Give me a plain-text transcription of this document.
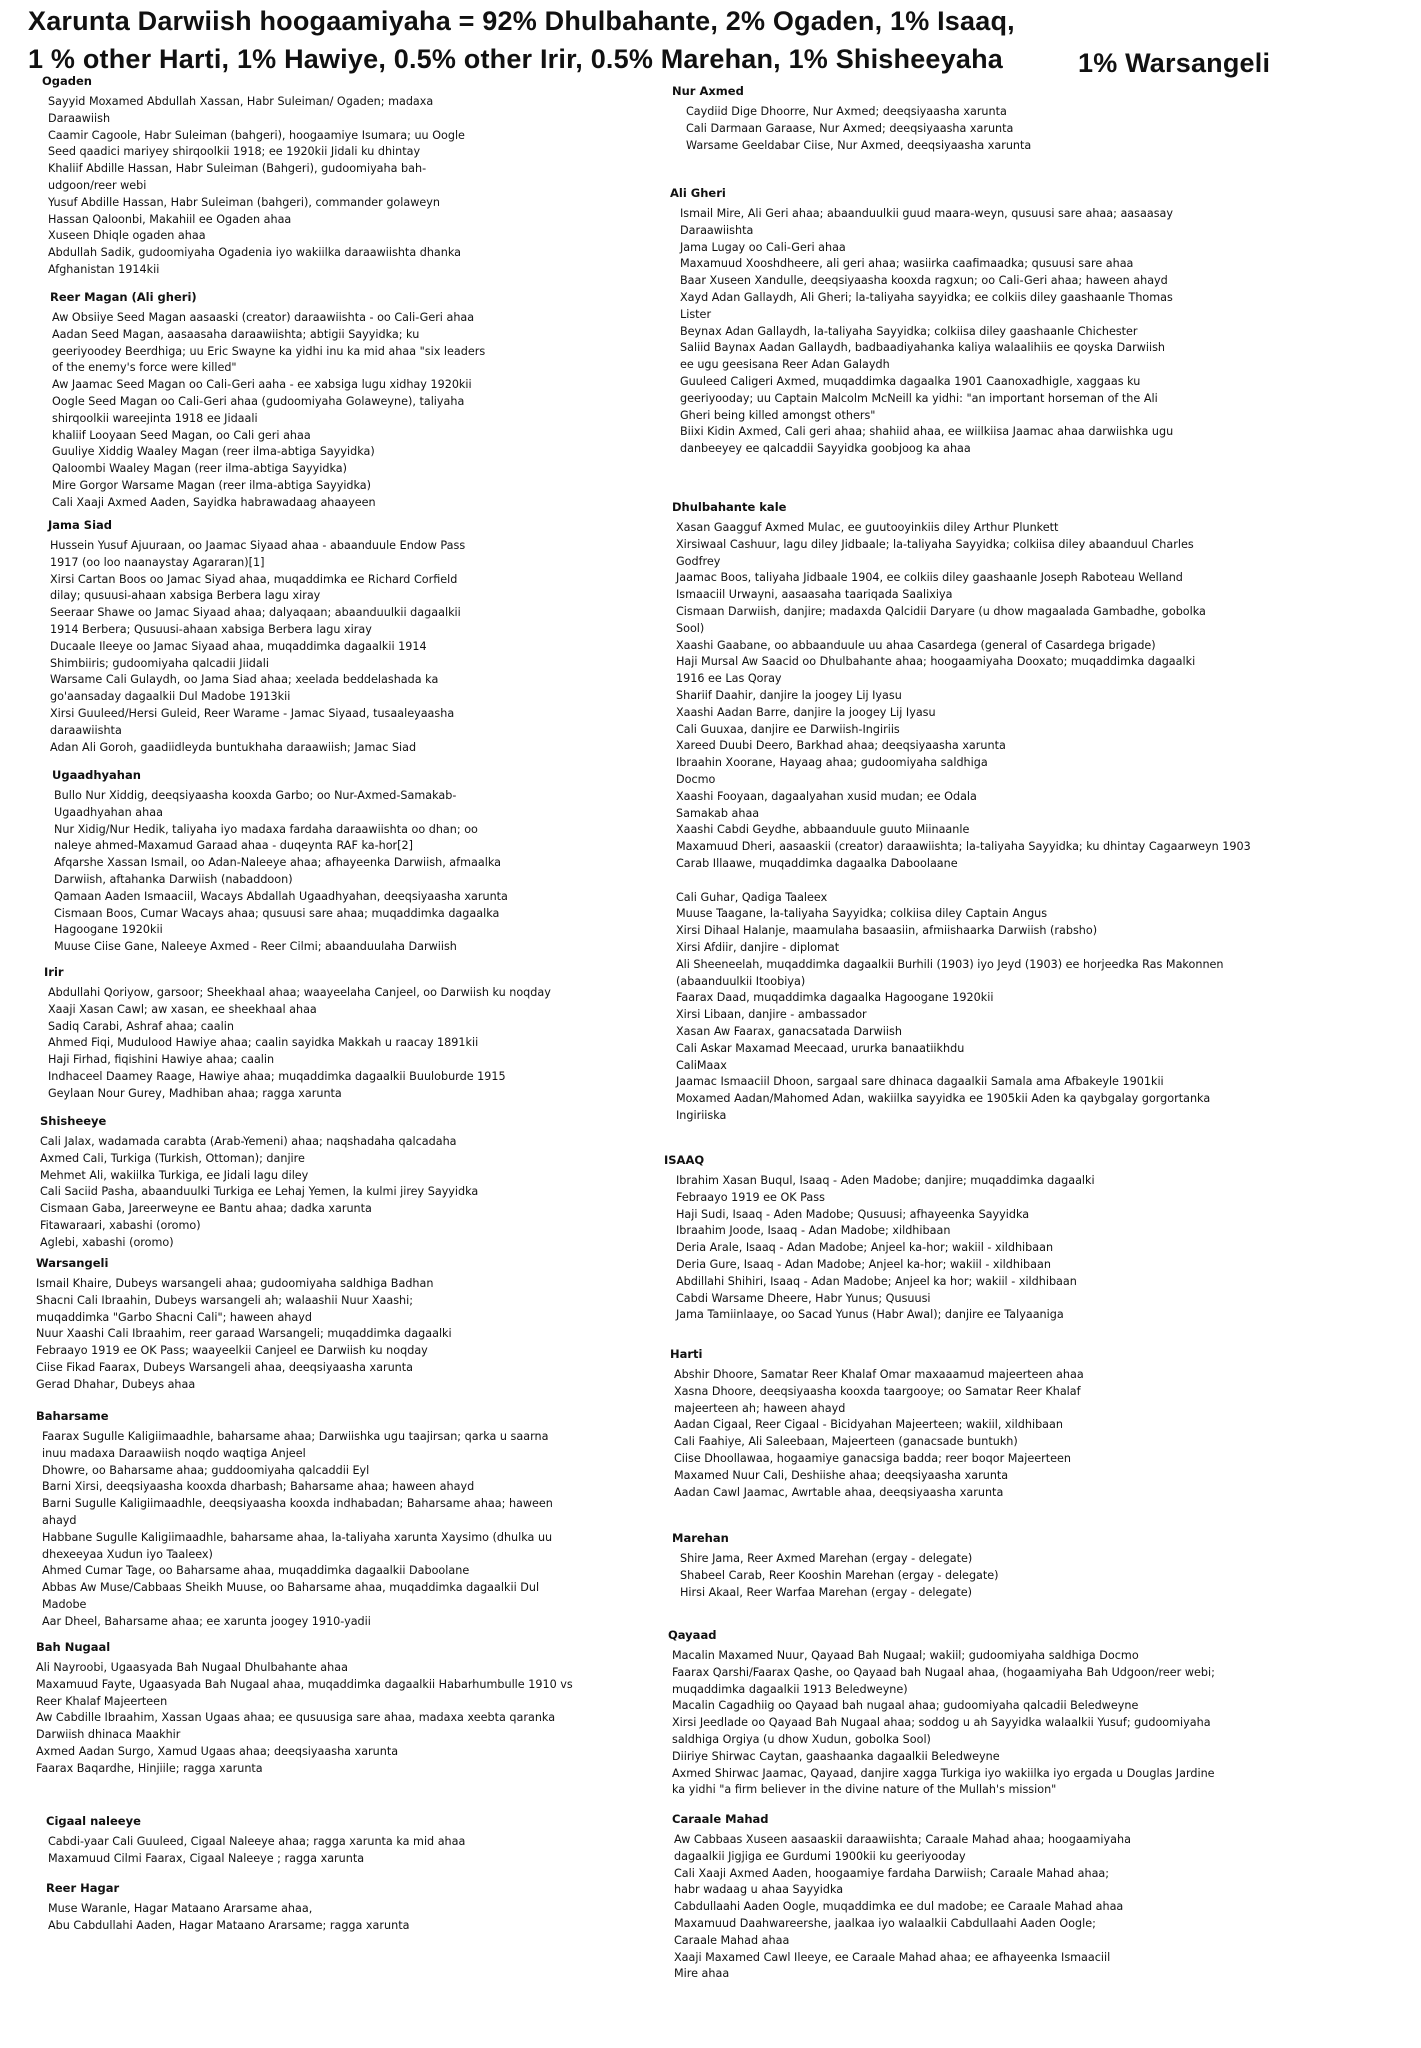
Xarunta Darwiish hoogaamiyaha = 92% Dhulbahante, 2% Ogaden, 1% Isaaq,
1 % other Harti, 1% Hawiye, 0.5% other Irir, 0.5% Marehan, 1% Shisheeyaha	1% Warsangeli
Ogaden
Sayyid Moxamed Abdullah Xassan, Habr Suleiman/ Ogaden; madaxa
Daraawiish
Caamir Cagoole, Habr Suleiman (bahgeri), hoogaamiye Isumara; uu Oogle
Seed qaadici mariyey shirqoolkii 1918; ee 1920kii Jidali ku dhintay
Khaliif Abdille Hassan, Habr Suleiman (Bahgeri), gudoomiyaha bah-
udgoon/reer webi
Yusuf Abdille Hassan, Habr Suleiman (bahgeri), commander golaweyn
Hassan Qaloonbi, Makahiil ee Ogaden ahaa
Xuseen Dhiqle ogaden ahaa
Abdullah Sadik, gudoomiyaha Ogadenia iyo wakiilka daraawiishta dhanka
Afghanistan 1914kii
Reer Magan (Ali gheri)
Aw Obsiiye Seed Magan aasaaski (creator) daraawiishta - oo Cali-Geri ahaa
Aadan Seed Magan, aasaasaha daraawiishta; abtigii Sayyidka; ku
geeriyoodey Beerdhiga; uu Eric Swayne ka yidhi inu ka mid ahaa "six leaders
of the enemy's force were killed"
Aw Jaamac Seed Magan oo Cali-Geri aaha - ee xabsiga lugu xidhay 1920kii
Oogle Seed Magan oo Cali-Geri ahaa (gudoomiyaha Golaweyne), taliyaha
shirqoolkii wareejinta 1918 ee Jidaali
khaliif Looyaan Seed Magan, oo Cali geri ahaa
Guuliye Xiddig Waaley Magan (reer ilma-abtiga Sayyidka)
Qaloombi Waaley Magan (reer ilma-abtiga Sayyidka)
Mire Gorgor Warsame Magan (reer ilma-abtiga Sayyidka)
Cali Xaaji Axmed Aaden, Sayidka habrawadaag ahaayeen
Jama Siad
Hussein Yusuf Ajuuraan, oo Jaamac Siyaad ahaa - abaanduule Endow Pass
1917 (oo loo naanaystay Agararan)[1]
Xirsi Cartan Boos oo Jamac Siyad ahaa, muqaddimka ee Richard Corfield
dilay; qusuusi-ahaan xabsiga Berbera lagu xiray
Seeraar Shawe oo Jamac Siyaad ahaa; dalyaqaan; abaanduulkii dagaalkii
1914 Berbera; Qusuusi-ahaan xabsiga Berbera lagu xiray
Ducaale Ileeye oo Jamac Siyaad ahaa, muqaddimka dagaalkii 1914
Shimbiiris; gudoomiyaha qalcadii Jiidali
Warsame Cali Gulaydh, oo Jama Siad ahaa; xeelada beddelashada ka
go'aansaday dagaalkii Dul Madobe 1913kii
Xirsi Guuleed/Hersi Guleid, Reer Warame - Jamac Siyaad, tusaaleyaasha
daraawiishta
Adan Ali Goroh, gaadiidleyda buntukhaha daraawiish; Jamac Siad
Ugaadhyahan
Bullo Nur Xiddig, deeqsiyaasha kooxda Garbo; oo Nur-Axmed-Samakab-
Ugaadhyahan ahaa
Nur Xidig/Nur Hedik, taliyaha iyo madaxa fardaha daraawiishta oo dhan; oo
naleye ahmed-Maxamud Garaad ahaa - duqeynta RAF ka-hor[2]
Afqarshe Xassan Ismail, oo Adan-Naleeye ahaa; afhayeenka Darwiish, afmaalka
Darwiish, aftahanka Darwiish (nabaddoon)
Qamaan Aaden Ismaaciil, Wacays Abdallah Ugaadhyahan, deeqsiyaasha xarunta
Cismaan Boos, Cumar Wacays ahaa; qusuusi sare ahaa; muqaddimka dagaalka
Hagoogane 1920kii
Muuse Ciise Gane, Naleeye Axmed - Reer Cilmi; abaanduulaha Darwiish
Irir
Abdullahi Qoriyow, garsoor; Sheekhaal ahaa; waayeelaha Canjeel, oo Darwiish ku noqday
Xaaji Xasan Cawl; aw xasan, ee sheekhaal ahaa
Sadiq Carabi, Ashraf ahaa; caalin
Ahmed Fiqi, Mudulood Hawiye ahaa; caalin sayidka Makkah u raacay 1891kii
Haji Firhad, fiqishini Hawiye ahaa; caalin
Indhaceel Daamey Raage, Hawiye ahaa; muqaddimka dagaalkii Buuloburde 1915
Geylaan Nour Gurey, Madhiban ahaa; ragga xarunta
Shisheeye
Cali Jalax, wadamada carabta (Arab-Yemeni) ahaa; naqshadaha qalcadaha
Axmed Cali, Turkiga (Turkish, Ottoman); danjire
Mehmet Ali, wakiilka Turkiga, ee Jidali lagu diley
Cali Saciid Pasha, abaanduulki Turkiga ee Lehaj Yemen, la kulmi jirey Sayyidka
Cismaan Gaba, Jareerweyne ee Bantu ahaa; dadka xarunta
Fitawaraari, xabashi (oromo)
Aglebi, xabashi (oromo)
Warsangeli
Ismail Khaire, Dubeys warsangeli ahaa; gudoomiyaha saldhiga Badhan
Shacni Cali Ibraahin, Dubeys warsangeli ah; walaashii Nuur Xaashi;
muqaddimka "Garbo Shacni Cali"; haween ahayd
Nuur Xaashi Cali Ibraahim, reer garaad Warsangeli; muqaddimka dagaalki
Febraayo 1919 ee OK Pass; waayeelkii Canjeel ee Darwiish ku noqday
Ciise Fikad Faarax, Dubeys Warsangeli ahaa, deeqsiyaasha xarunta
Gerad Dhahar, Dubeys ahaa
Baharsame
Faarax Sugulle Kaligiimaadhle, baharsame ahaa; Darwiishka ugu taajirsan; qarka u saarna
inuu madaxa Daraawiish noqdo waqtiga Anjeel
Dhowre, oo Baharsame ahaa; guddoomiyaha qalcaddii Eyl
Barni Xirsi, deeqsiyaasha kooxda dharbash; Baharsame ahaa; haween ahayd
Barni Sugulle Kaligiimaadhle, deeqsiyaasha kooxda indhabadan; Baharsame ahaa; haween
ahayd
Habbane Sugulle Kaligiimaadhle, baharsame ahaa, la-taliyaha xarunta Xaysimo (dhulka uu
dhexeeyaa Xudun iyo Taaleex)
Ahmed Cumar Tage, oo Baharsame ahaa, muqaddimka dagaalkii Daboolane
Abbas Aw Muse/Cabbaas Sheikh Muuse, oo Baharsame ahaa, muqaddimka dagaalkii Dul
Madobe
Aar Dheel, Baharsame ahaa; ee xarunta joogey 1910-yadii
Bah Nugaal
Ali Nayroobi, Ugaasyada Bah Nugaal Dhulbahante ahaa
Maxamuud Fayte, Ugaasyada Bah Nugaal ahaa, muqaddimka dagaalkii Habarhumbulle 1910 vs
Reer Khalaf Majeerteen
Aw Cabdille Ibraahim, Xassan Ugaas ahaa; ee qusuusiga sare ahaa, madaxa xeebta qaranka
Darwiish dhinaca Maakhir
Axmed Aadan Surgo, Xamud Ugaas ahaa; deeqsiyaasha xarunta
Faarax Baqardhe, Hinjiile; ragga xarunta
Cigaal naleeye
Cabdi-yaar Cali Guuleed, Cigaal Naleeye ahaa; ragga xarunta ka mid ahaa
Maxamuud Cilmi Faarax, Cigaal Naleeye ; ragga xarunta
Reer Hagar
Muse Waranle, Hagar Mataano Ararsame ahaa,
Abu Cabdullahi Aaden, Hagar Mataano Ararsame; ragga xarunta
Nur Axmed
Caydiid Dige Dhoorre, Nur Axmed; deeqsiyaasha xarunta
Cali Darmaan Garaase, Nur Axmed; deeqsiyaasha xarunta
Warsame Geeldabar Ciise, Nur Axmed, deeqsiyaasha xarunta
Ali Gheri
Ismail Mire, Ali Geri ahaa; abaanduulkii guud maara-weyn, qusuusi sare ahaa; aasaasay
Daraawiishta
Jama Lugay oo Cali-Geri ahaa
Maxamuud Xooshdheere, ali geri ahaa; wasiirka caafimaadka; qusuusi sare ahaa
Baar Xuseen Xandulle, deeqsiyaasha kooxda ragxun; oo Cali-Geri ahaa; haween ahayd
Xayd Adan Gallaydh, Ali Gheri; la-taliyaha sayyidka; ee colkiis diley gaashaanle Thomas
Lister
Beynax Adan Gallaydh, la-taliyaha Sayyidka; colkiisa diley gaashaanle Chichester
Saliid Baynax Aadan Gallaydh, badbaadiyahanka kaliya walaalihiis ee qoyska Darwiish
ee ugu geesisana Reer Adan Galaydh
Guuleed Caligeri Axmed, muqaddimka dagaalka 1901 Caanoxadhigle, xaggaas ku
geeriyooday; uu Captain Malcolm McNeill ka yidhi: "an important horseman of the Ali
Gheri being killed amongst others"
Biixi Kidin Axmed, Cali geri ahaa; shahiid ahaa, ee wiilkiisa Jaamac ahaa darwiishka ugu
danbeeyey ee qalcaddii Sayyidka goobjoog ka ahaa
Dhulbahante kale
Xasan Gaagguf Axmed Mulac, ee guutooyinkiis diley Arthur Plunkett
Xirsiwaal Cashuur, lagu diley Jidbaale; la-taliyaha Sayyidka; colkiisa diley abaanduul Charles
Godfrey
Jaamac Boos, taliyaha Jidbaale 1904, ee colkiis diley gaashaanle Joseph Raboteau Welland
Ismaaciil Urwayni, aasaasaha taariqada Saalixiya
Cismaan Darwiish, danjire; madaxda Qalcidii Daryare (u dhow magaalada Gambadhe, gobolka
Sool)
Xaashi Gaabane, oo abbaanduule uu ahaa Casardega (general of Casardega brigade)
Haji Mursal Aw Saacid oo Dhulbahante ahaa; hoogaamiyaha Dooxato; muqaddimka dagaalki
1916 ee Las Qoray
Shariif Daahir, danjire la joogey Lij Iyasu
Xaashi Aadan Barre, danjire la joogey Lij Iyasu
Cali Guuxaa, danjire ee Darwiish-Ingiriis
Xareed Duubi Deero, Barkhad ahaa; deeqsiyaasha xarunta
Ibraahin Xoorane, Hayaag ahaa; gudoomiyaha saldhiga
Docmo
Xaashi Fooyaan, dagaalyahan xusid mudan; ee Odala
Samakab ahaa
Xaashi Cabdi Geydhe, abbaanduule guuto Miinaanle
Maxamuud Dheri, aasaaskii (creator) daraawiishta; la-taliyaha Sayyidka; ku dhintay Cagaarweyn 1903
Carab Illaawe, muqaddimka dagaalka Daboolaane

Cali Guhar, Qadiga Taaleex
Muuse Taagane, la-taliyaha Sayyidka; colkiisa diley Captain Angus
Xirsi Dihaal Halanje, maamulaha basaasiin, afmiishaarka Darwiish (rabsho)
Xirsi Afdiir, danjire - diplomat
Ali Sheeneelah, muqaddimka dagaalkii Burhili (1903) iyo Jeyd (1903) ee horjeedka Ras Makonnen
(abaanduulkii Itoobiya)
Faarax Daad, muqaddimka dagaalka Hagoogane 1920kii
Xirsi Libaan, danjire - ambassador
Xasan Aw Faarax, ganacsatada Darwiish
Cali Askar Maxamad Meecaad, ururka banaatiikhdu
CaliMaax
Jaamac Ismaaciil Dhoon, sargaal sare dhinaca dagaalkii Samala ama Afbakeyle 1901kii
Moxamed Aadan/Mahomed Adan, wakiilka sayyidka ee 1905kii Aden ka qaybgalay gorgortanka
Ingiriiska
ISAAQ
Ibrahim Xasan Buqul, Isaaq - Aden Madobe; danjire; muqaddimka dagaalki
Febraayo 1919 ee OK Pass
Haji Sudi, Isaaq - Aden Madobe; Qusuusi; afhayeenka Sayyidka
Ibraahim Joode, Isaaq - Adan Madobe; xildhibaan
Deria Arale, Isaaq - Adan Madobe; Anjeel ka-hor; wakiil - xildhibaan
Deria Gure, Isaaq - Adan Madobe; Anjeel ka-hor; wakiil - xildhibaan
Abdillahi Shihiri, Isaaq - Adan Madobe; Anjeel ka hor; wakiil - xildhibaan
Cabdi Warsame Dheere, Habr Yunus; Qusuusi
Jama Tamiinlaaye, oo Sacad Yunus (Habr Awal); danjire ee Talyaaniga
Harti
Abshir Dhoore, Samatar Reer Khalaf Omar maxaaamud majeerteen ahaa
Xasna Dhoore, deeqsiyaasha kooxda taargooye; oo Samatar Reer Khalaf
majeerteen ah; haween ahayd
Aadan Cigaal, Reer Cigaal - Bicidyahan Majeerteen; wakiil, xildhibaan
Cali Faahiye, Ali Saleebaan, Majeerteen (ganacsade buntukh)
Ciise Dhoollawaa, hogaamiye ganacsiga badda; reer boqor Majeerteen
Maxamed Nuur Cali, Deshiishe ahaa; deeqsiyaasha xarunta
Aadan Cawl Jaamac, Awrtable ahaa, deeqsiyaasha xarunta
Marehan
Shire Jama, Reer Axmed Marehan (ergay - delegate)
Shabeel Carab, Reer Kooshin Marehan (ergay - delegate)
Hirsi Akaal, Reer Warfaa Marehan (ergay - delegate)
Qayaad
Macalin Maxamed Nuur, Qayaad Bah Nugaal; wakiil; gudoomiyaha saldhiga Docmo
Faarax Qarshi/Faarax Qashe, oo Qayaad bah Nugaal ahaa, (hogaamiyaha Bah Udgoon/reer webi;
muqaddimka dagaalkii 1913 Beledweyne)
Macalin Cagadhiig oo Qayaad bah nugaal ahaa; gudoomiyaha qalcadii Beledweyne
Xirsi Jeedlade oo Qayaad Bah Nugaal ahaa; soddog u ah Sayyidka walaalkii Yusuf; gudoomiyaha
saldhiga Orgiya (u dhow Xudun, gobolka Sool)
Diiriye Shirwac Caytan, gaashaanka dagaalkii Beledweyne
Axmed Shirwac Jaamac, Qayaad, danjire xagga Turkiga iyo wakiilka iyo ergada u Douglas Jardine
ka yidhi "a firm believer in the divine nature of the Mullah's mission"
Caraale Mahad
Aw Cabbaas Xuseen aasaaskii daraawiishta; Caraale Mahad ahaa; hoogaamiyaha
dagaalkii Jigjiga ee Gurdumi 1900kii ku geeriyooday
Cali Xaaji Axmed Aaden, hoogaamiye fardaha Darwiish; Caraale Mahad ahaa;
habr wadaag u ahaa Sayyidka
Cabdullaahi Aaden Oogle, muqaddimka ee dul madobe; ee Caraale Mahad ahaa
Maxamuud Daahwareershe, jaalkaa iyo walaalkii Cabdullaahi Aaden Oogle;
Caraale Mahad ahaa
Xaaji Maxamed Cawl Ileeye, ee Caraale Mahad ahaa; ee afhayeenka Ismaaciil
Mire ahaa
